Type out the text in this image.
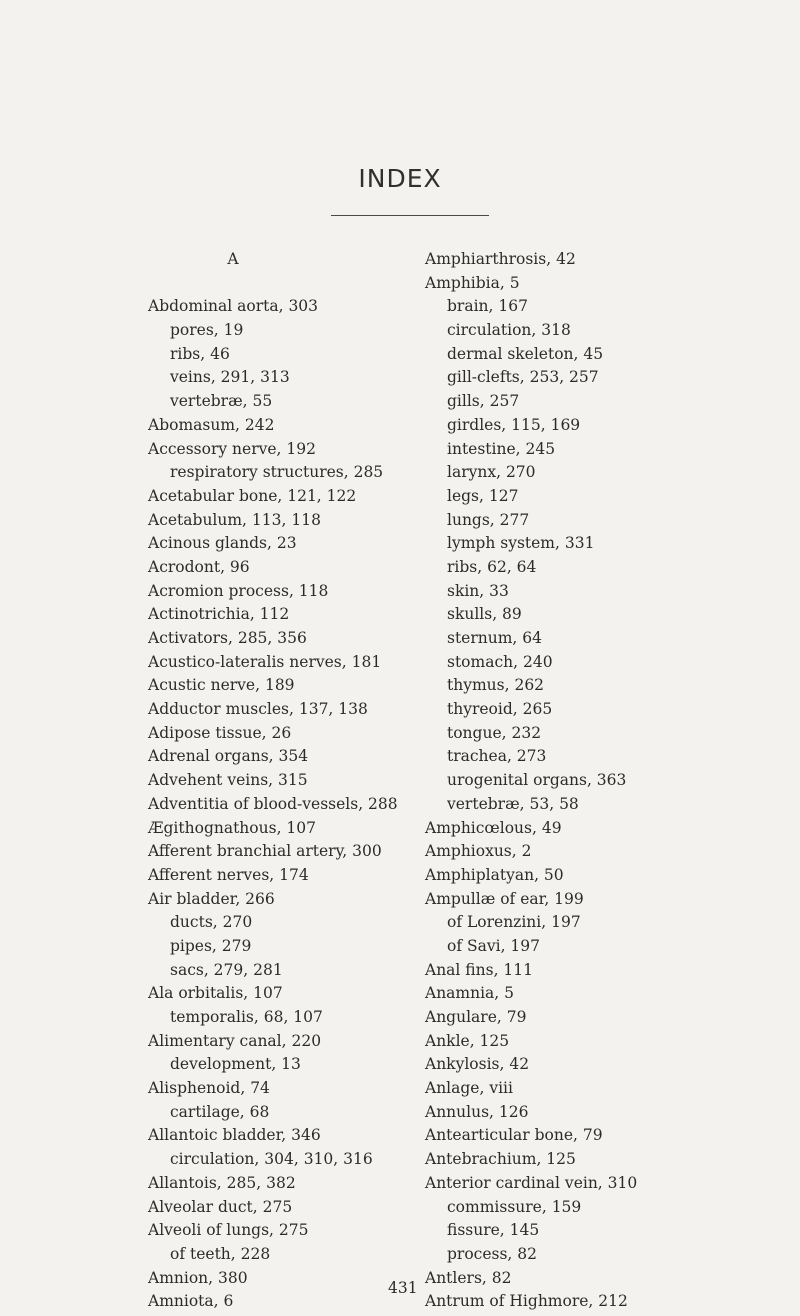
INDEX
A
Abdominal aorta, 303
pores, 19
ribs, 46
veins, 291, 313
vertebræ, 55
Abomasum, 242
Accessory nerve, 192
respiratory structures, 285
Acetabular bone, 121, 122
Acetabulum, 113, 118
Acinous glands, 23
Acrodont, 96
Acromion process, 118
Actinotrichia, 112
Activators, 285, 356
Acustico-lateralis nerves, 181
Acustic nerve, 189
Adductor muscles, 137, 138
Adipose tissue, 26
Adrenal organs, 354
Advehent veins, 315
Adventitia of blood-vessels, 288
Ægithognathous, 107
Afferent branchial artery, 300
Afferent nerves, 174
Air bladder, 266
ducts, 270
pipes, 279
sacs, 279, 281
Ala orbitalis, 107
temporalis, 68, 107
Alimentary canal, 220
development, 13
Alisphenoid, 74
cartilage, 68
Allantoic bladder, 346
circulation, 304, 310, 316
Allantois, 285, 382
Alveolar duct, 275
Alveoli of lungs, 275
of teeth, 228
Amnion, 380
Amniota, 6
Amphiarthrosis, 42
Amphibia, 5
brain, 167
circulation, 318
dermal skeleton, 45
gill-clefts, 253, 257
gills, 257
girdles, 115, 169
intestine, 245
larynx, 270
legs, 127
lungs, 277
lymph system, 331
ribs, 62, 64
skin, 33
skulls, 89
sternum, 64
stomach, 240
thymus, 262
thyreoid, 265
tongue, 232
trachea, 273
urogenital organs, 363
vertebræ, 53, 58
Amphicœlous, 49
Amphioxus, 2
Amphiplatyan, 50
Ampullæ of ear, 199
of Lorenzini, 197
of Savi, 197
Anal fins, 111
Anamnia, 5
Angulare, 79
Ankle, 125
Ankylosis, 42
Anlage, viii
Annulus, 126
Antearticular bone, 79
Antebrachium, 125
Anterior cardinal vein, 310
commissure, 159
fissure, 145
process, 82
Antlers, 82
Antrum of Highmore, 212
431
